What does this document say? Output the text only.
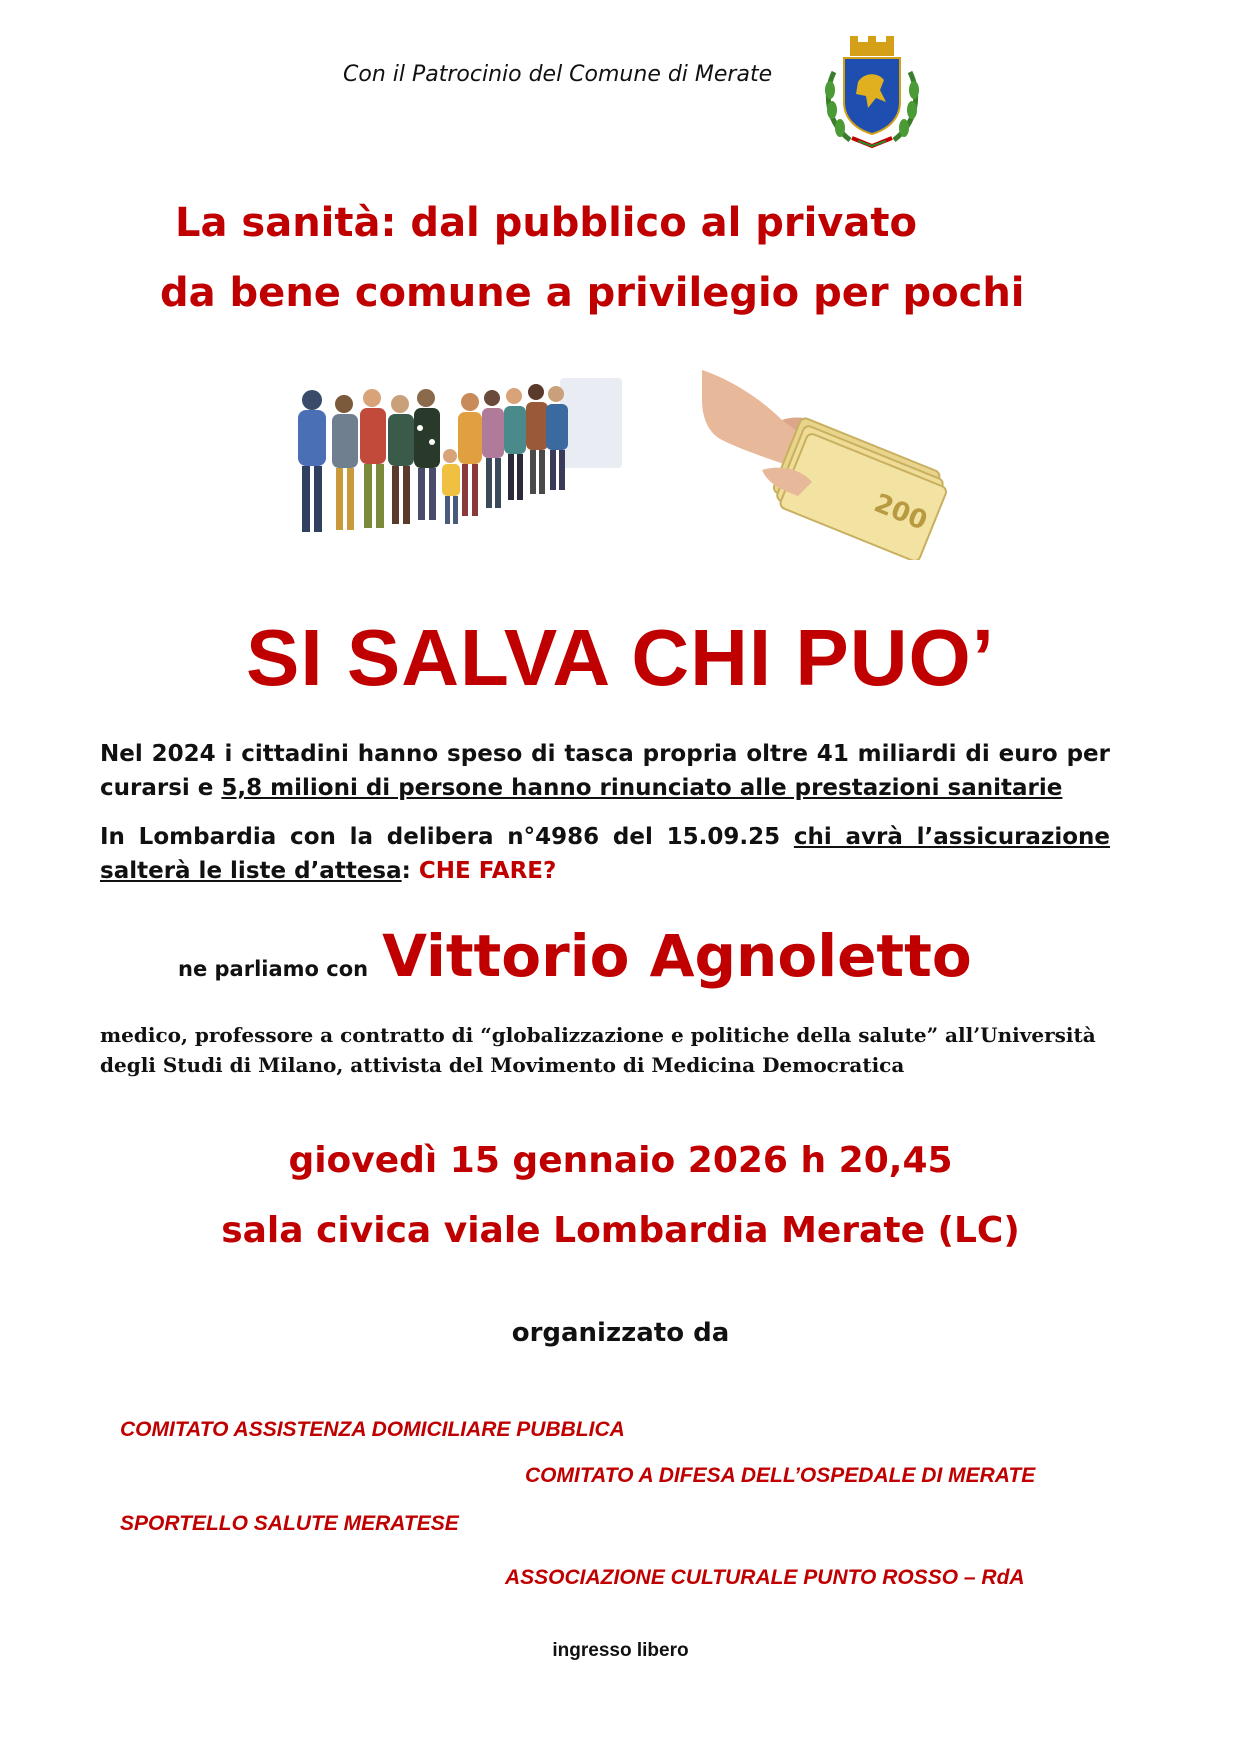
Con il Patrocinio del Comune di Merate
La sanità: dal pubblico al privato
da bene comune a privilegio per pochi
200
SI SALVA CHI PUO’
Nel 2024 i cittadini hanno speso di tasca propria oltre 41 miliardi di euro per curarsi e 5,8 milioni di persone hanno rinunciato alle prestazioni sanitarie
In Lombardia con la delibera n°4986 del 15.09.25 chi avrà l’assicurazione salterà le liste d’attesa: CHE FARE?
ne parliamo con Vittorio Agnoletto
medico, professore a contratto di “globalizzazione e politiche della salute” all’Università degli Studi di Milano, attivista del Movimento di Medicina Democratica
giovedì 15 gennaio 2026 h 20,45
sala civica viale Lombardia Merate (LC)
organizzato da
COMITATO ASSISTENZA DOMICILIARE PUBBLICA
COMITATO A DIFESA DELL’OSPEDALE DI MERATE
SPORTELLO SALUTE MERATESE
ASSOCIAZIONE CULTURALE PUNTO ROSSO – RdA
ingresso libero
